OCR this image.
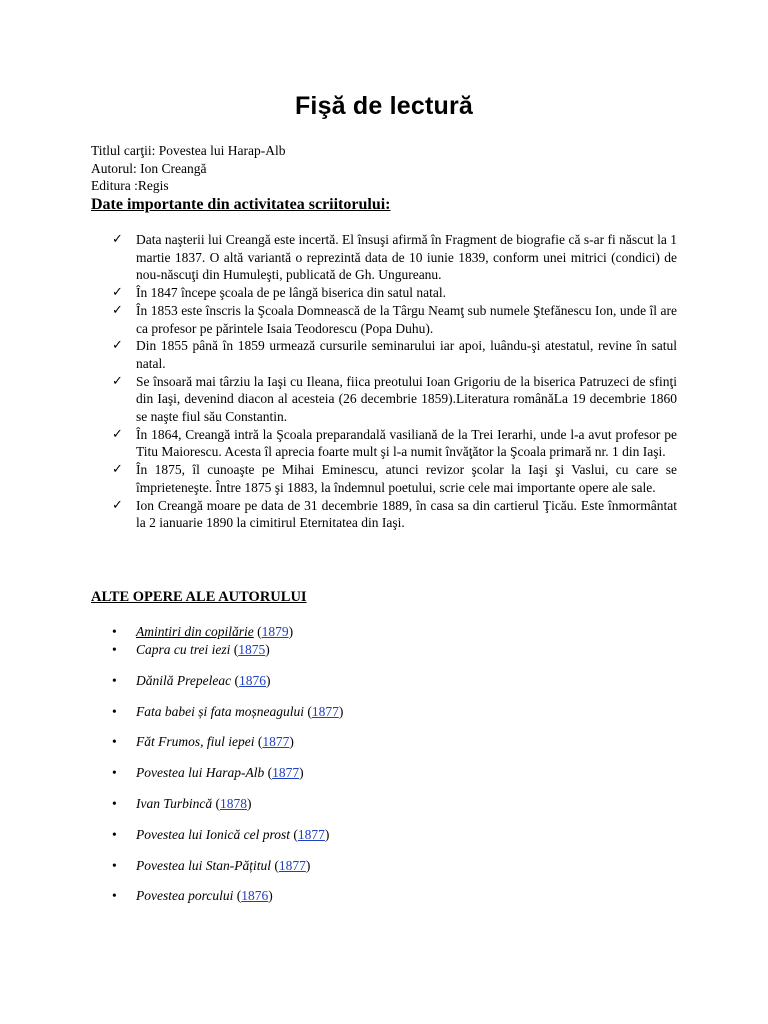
Fişă de lectură
Titlul carţii: Povestea lui Harap-Alb
Autorul: Ion Creangă
Editura :Regis
Date importante din activitatea scriitorului:
✓ Data naşterii lui Creangă este incertă. El însuşi afirmă în Fragment de biografie că s-ar fi născut la 1 martie 1837. O altă variantă o reprezintă data de 10 iunie 1839, conform unei mitrici (condici) de nou-născuţi din Humuleşti, publicată de Gh. Ungureanu.
✓ În 1847 începe şcoala de pe lângă biserica din satul natal.
✓ În 1853 este înscris la Şcoala Domnească de la Târgu Neamţ sub numele Ştefănescu Ion, unde îl are ca profesor pe părintele Isaia Teodorescu (Popa Duhu).
✓ Din 1855 până în 1859 urmează cursurile seminarului iar apoi, luându-şi atestatul, revine în satul natal.
✓ Se însoară mai târziu la Iaşi cu Ileana, fiica preotului Ioan Grigoriu de la biserica Patruzeci de sfinţi din Iaşi, devenind diacon al acesteia (26 decembrie 1859).Literatura românăLa 19 decembrie 1860 se naşte fiul său Constantin.
✓ În 1864, Creangă intră la Şcoala preparandală vasiliană de la Trei Ierarhi, unde l-a avut profesor pe Titu Maiorescu. Acesta îl aprecia foarte mult şi l-a numit învăţător la Şcoala primară nr. 1 din Iaşi.
✓ În 1875, îl cunoaşte pe Mihai Eminescu, atunci revizor şcolar la Iaşi şi Vaslui, cu care se împrieteneşte. Între 1875 şi 1883, la îndemnul poetului, scrie cele mai importante opere ale sale.
✓ Ion Creangă moare pe data de 31 decembrie 1889, în casa sa din cartierul Ţicău. Este înmormântat la 2 ianuarie 1890 la cimitirul Eternitatea din Iaşi.
ALTE OPERE ALE AUTORULUI
• Amintiri din copilărie (1879)
• Capra cu trei iezi (1875)
• Dănilă Prepeleac (1876)
• Fata babei și fata moșneagului (1877)
• Făt Frumos, fiul iepei (1877)
• Povestea lui Harap-Alb (1877)
• Ivan Turbincă (1878)
• Povestea lui Ionică cel prost (1877)
• Povestea lui Stan-Pățitul (1877)
• Povestea porcului (1876)
